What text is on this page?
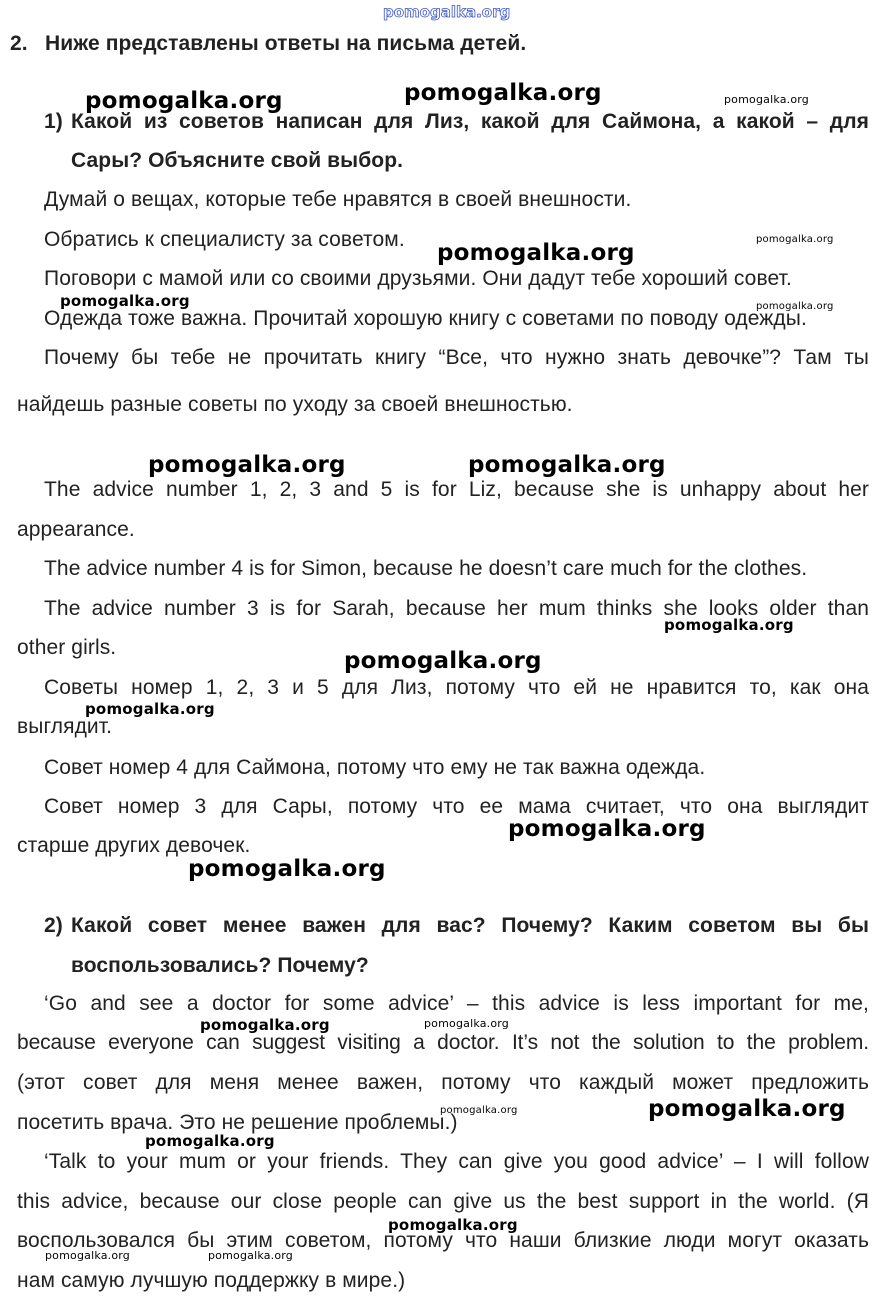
pomogalka.org
2. Ниже представлены ответы на письма детей.
1) Какой из советов написан для Лиз, какой для Саймона, а какой – для
Сары? Объясните свой выбор.
Думай о вещах, которые тебе нравятся в своей внешности.
Обратись к специалисту за советом.
Поговори с мамой или со своими друзьями. Они дадут тебе хороший совет.
Одежда тоже важна. Прочитай хорошую книгу с советами по поводу одежды.
Почему бы тебе не прочитать книгу “Все, что нужно знать девочке”? Там ты
найдешь разные советы по уходу за своей внешностью.
The advice number 1, 2, 3 and 5 is for Liz, because she is unhappy about her
appearance.
The advice number 4 is for Simon, because he doesn’t care much for the clothes.
The advice number 3 is for Sarah, because her mum thinks she looks older than
other girls.
Советы номер 1, 2, 3 и 5 для Лиз, потому что ей не нравится то, как она
выглядит.
Совет номер 4 для Саймона, потому что ему не так важна одежда.
Совет номер 3 для Сары, потому что ее мама считает, что она выглядит
старше других девочек.
2) Какой совет менее важен для вас? Почему? Каким советом вы бы
воспользовались? Почему?
‘Go and see a doctor for some advice’ – this advice is less important for me,
because everyone can suggest visiting a doctor. It’s not the solution to the problem.
(этот совет для меня менее важен, потому что каждый может предложить
посетить врача. Это не решение проблемы.)
‘Talk to your mum or your friends. They can give you good advice’ – I will follow
this advice, because our close people can give us the best support in the world. (Я
воспользовался бы этим советом, потому что наши близкие люди могут оказать
нам самую лучшую поддержку в мире.)
pomogalka.org	pomogalka.org	pomogalka.org
pomogalka.org
pomogalka.org
pomogalka.org	pomogalka.org
pomogalka.org	pomogalka.org
pomogalka.org
pomogalka.org
pomogalka.org
pomogalka.org
pomogalka.org
pomogalka.org	pomogalka.org
pomogalka.org	pomogalka.org
pomogalka.org
pomogalka.org
pomogalka.org	pomogalka.org
